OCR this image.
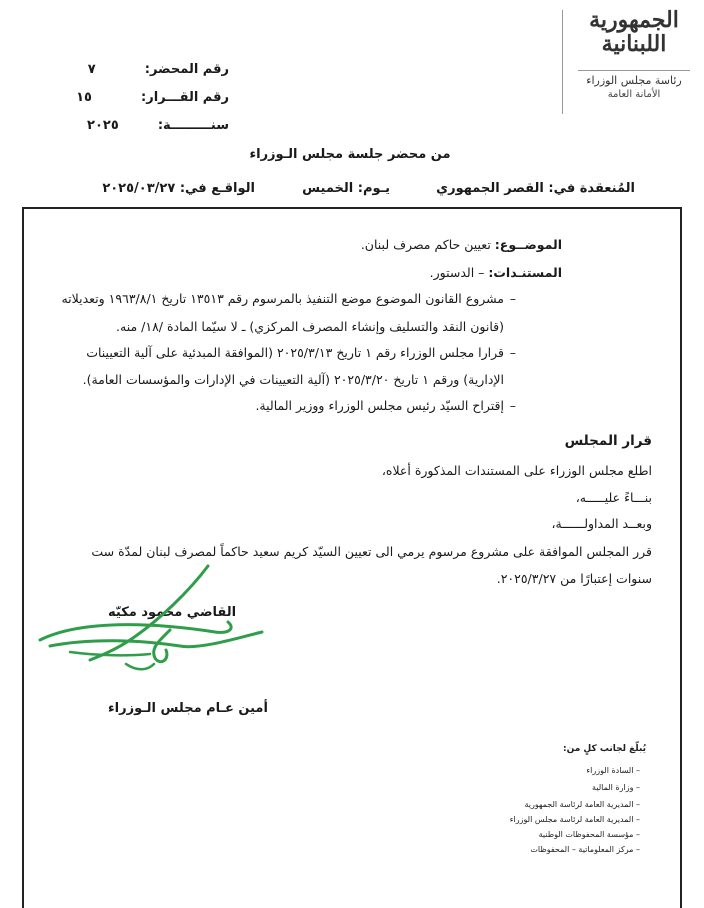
الجمهورية
اللبنانية
رئاسة مجلس الوزراء
الأمانة العامة
رقم المحضر:  ٧
رقم القـــرار:  ١٥
سنـــــــــة:  ٢٠٢٥
من محضر جلسة مجلس الـوزراء
المُنعقدة في: القصر الجمهوري
يـوم: الخميس
الواقـع في: ٢٠٢٥/٠٣/٢٧
الموضــوع: تعيين حاكم مصرف لبنان.
المستنـدات: – الدستور.
–
مشروع القانون الموضوع موضع التنفيذ بالمرسوم رقم ١٣٥١٣ تاريخ ١٩٦٣/٨/١ وتعديلاته
(قانون النقد والتسليف وإنشاء المصرف المركزي) ـ لا سيّما المادة /١٨/ منه.
–
قرارا مجلس الوزراء رقم ١ تاريخ ٢٠٢٥/٣/١٣ (الموافقة المبدئية على آلية التعيينات
الإدارية) ورقم ١ تاريخ ٢٠٢٥/٣/٢٠ (آلية التعيينات في الإدارات والمؤسسات العامة).
–
إقتراح السيّد رئيس مجلس الوزراء ووزير المالية.
قرار المجلس
اطلع مجلس الوزراء على المستندات المذكورة أعلاه،
بنـــاءً عليـــــه،
وبعــد المداولــــــة،
قرر المجلس الموافقة على مشروع مرسوم يرمي الى تعيين السيّد كريم سعيد حاكماً لمصرف لبنان لمدّة ست
سنوات إعتبارًا من ٢٠٢٥/٣/٢٧.
القاضي محمود مكيّه
أمين عـام مجلس الـوزراء
يُبلّغ لجانب كلٍ من:
– السادة الوزراء
– وزارة المالية
– المديرية العامة لرئاسة الجمهورية
– المديرية العامة لرئاسة مجلس الوزراء
– مؤسسة المحفوظات الوطنية
– مركز المعلوماتية – المحفوظات
